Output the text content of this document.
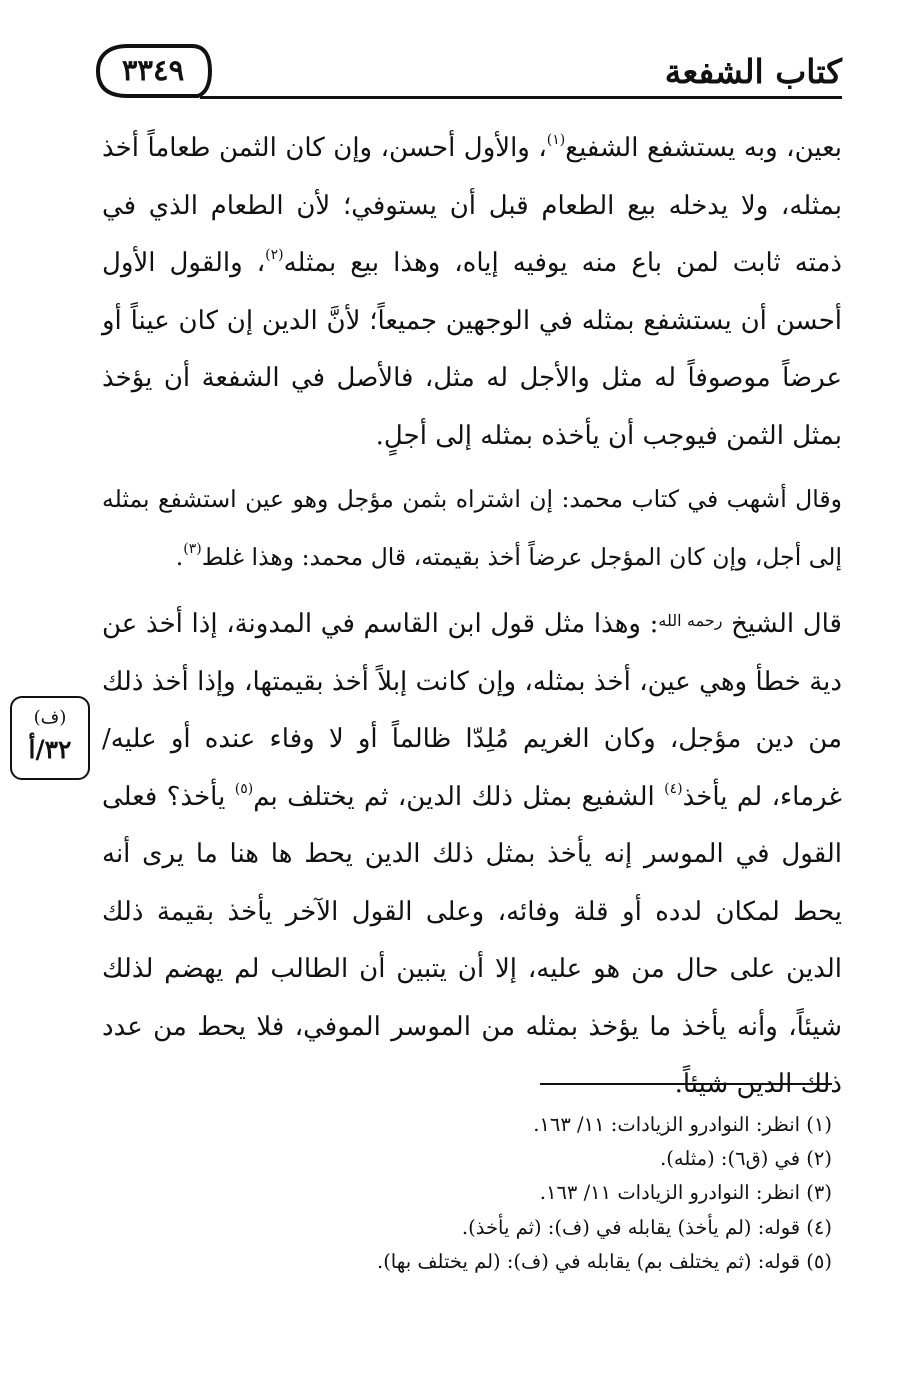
كتاب الشفعة
٣٣٤٩

بعين، وبه يستشفع الشفيع$^{(١)}$، والأول أحسن، وإن كان الثمن طعاماً أخذ بمثله، ولا يدخله بيع الطعام قبل أن يستوفي؛ لأن الطعام الذي في ذمته ثابت لمن باع منه يوفيه إياه، وهذا بيع بمثله$^{(٢)}$، والقول الأول أحسن أن يستشفع بمثله في الوجهين جميعاً؛ لأنَّ الدين إن كان عيناً أو عرضاً موصوفاً له مثل والأجل له مثل، فالأصل في الشفعة أن يؤخذ بمثل الثمن فيوجب أن يأخذه بمثله إلى أجلٍ.

وقال أشهب في كتاب محمد: إن اشتراه بثمن مؤجل وهو عين استشفع بمثله إلى أجل، وإن كان المؤجل عرضاً أخذ بقيمته، قال محمد: وهذا غلط$^{(٣)}$.

قال الشيخ $^{رحمه الله}$: وهذا مثل قول ابن القاسم في المدونة، إذا أخذ عن دية خطأ وهي عين، أخذ بمثله، وإن كانت إبلاً أخذ بقيمتها، وإذا أخذ ذلك من دين مؤجل، وكان الغريم مُلِدّا ظالماً أو لا وفاء عنده أو عليه/ غرماء، لم يأخذ$^{(٤)}$ الشفيع بمثل ذلك الدين، ثم يختلف بم$^{(٥)}$ يأخذ؟ فعلى القول في الموسر إنه يأخذ بمثل ذلك الدين يحط ها هنا ما يرى أنه يحط لمكان لدده أو قلة وفائه، وعلى القول الآخر يأخذ بقيمة ذلك الدين على حال من هو عليه، إلا أن يتبين أن الطالب لم يهضم لذلك شيئاً، وأنه يأخذ ما يؤخذ بمثله من الموسر الموفي، فلا يحط من عدد ذلك الدين شيئاً.

(ف)
٣٢/أ

(١) انظر: النوادرو الزيادات: ١١/ ١٦٣.

(٢) في (ق٦): (مثله).

(٣) انظر: النوادرو الزيادات ١١/ ١٦٣.

(٤) قوله: (لم يأخذ) يقابله في (ف): (ثم يأخذ).

(٥) قوله: (ثم يختلف بم) يقابله في (ف): (لم يختلف بها).
